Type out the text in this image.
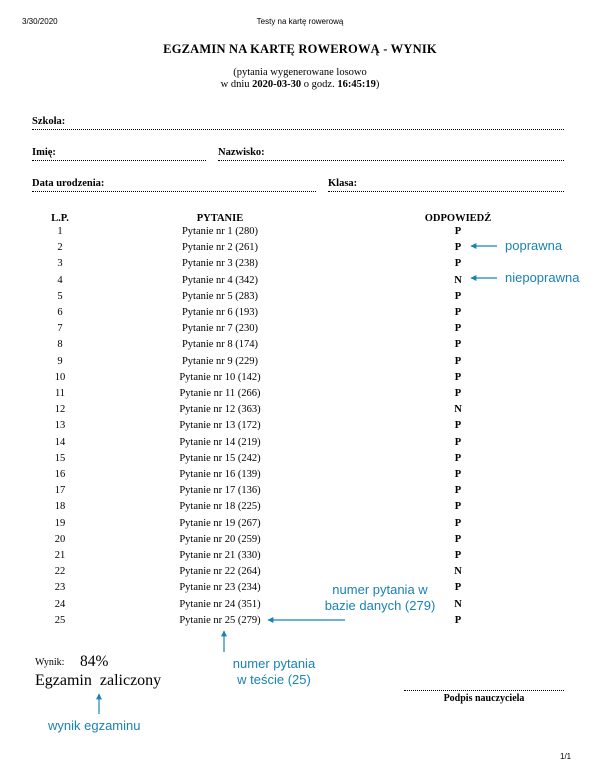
3/30/2020	Testy na kartę rowerową
EGZAMIN NA KARTĘ ROWEROWĄ - WYNIK
(pytania wygenerowane losowo
w dniu 2020-03-30 o godz. 16:45:19)
Szkoła:
Imię:	Nazwisko:
Data urodzenia:	Klasa:
L.P.	PYTANIE	ODPOWIEDŹ
1	Pytanie nr 1 (280)	P
2	Pytanie nr 2 (261)	P
3	Pytanie nr 3 (238)	P
4	Pytanie nr 4 (342)	N
5	Pytanie nr 5 (283)	P
6	Pytanie nr 6 (193)	P
7	Pytanie nr 7 (230)	P
8	Pytanie nr 8 (174)	P
9	Pytanie nr 9 (229)	P
10	Pytanie nr 10 (142)	P
11	Pytanie nr 11 (266)	P
12	Pytanie nr 12 (363)	N
13	Pytanie nr 13 (172)	P
14	Pytanie nr 14 (219)	P
15	Pytanie nr 15 (242)	P
16	Pytanie nr 16 (139)	P
17	Pytanie nr 17 (136)	P
18	Pytanie nr 18 (225)	P
19	Pytanie nr 19 (267)	P
20	Pytanie nr 20 (259)	P
21	Pytanie nr 21 (330)	P
22	Pytanie nr 22 (264)	N
23	Pytanie nr 23 (234)	P
24	Pytanie nr 24 (351)	N
25	Pytanie nr 25 (279)	P
Wynik: 84%
Egzamin  zaliczony
Podpis nauczyciela
1/1
poprawna
niepoprawna
numer pytania w
bazie danych (279)
numer pytania
w teście (25)
wynik egzaminu
